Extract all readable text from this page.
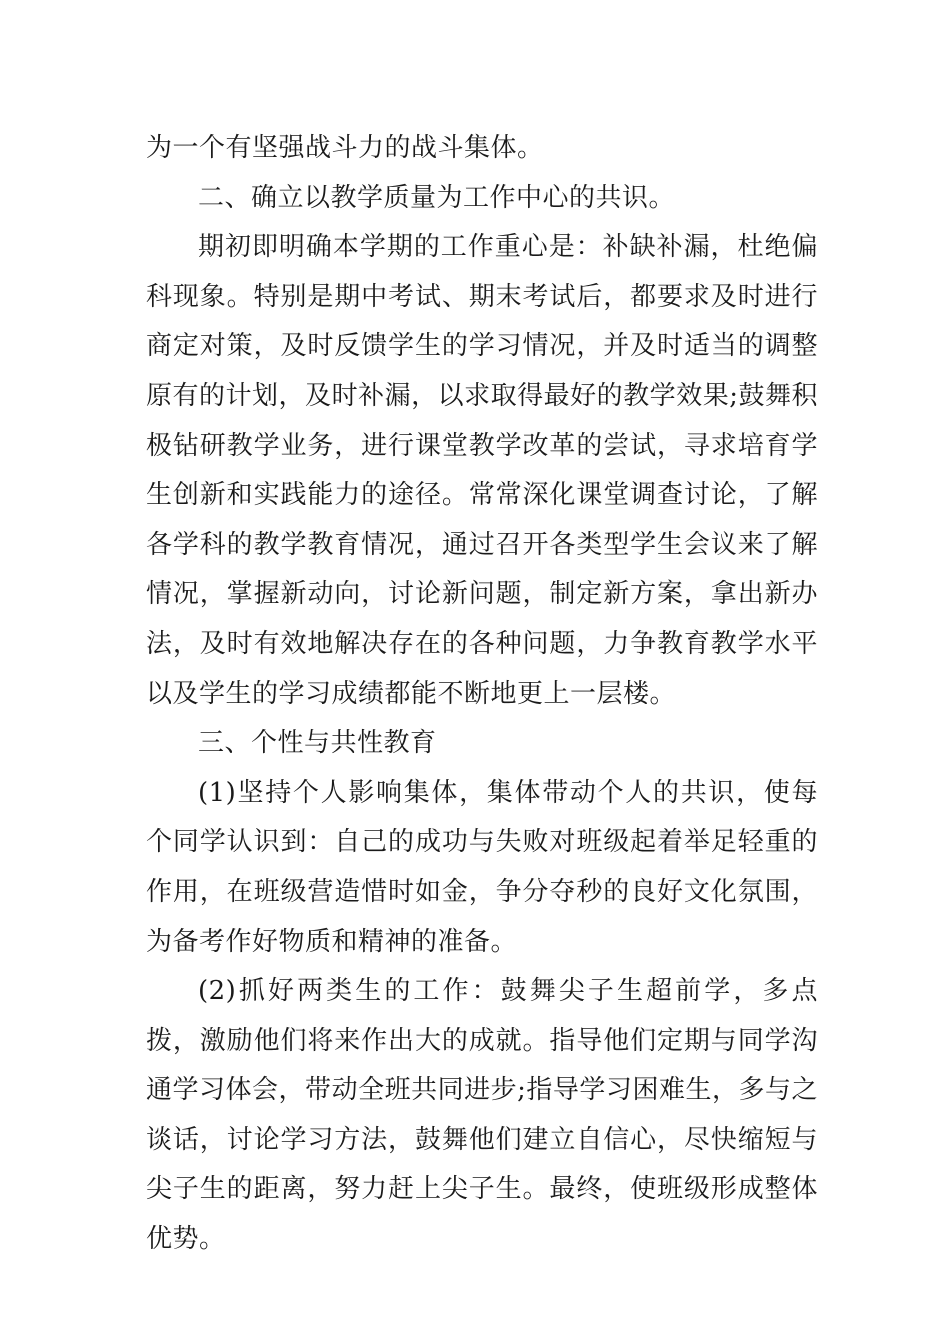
为一个有坚强战斗力的战斗集体。

二、确立以教学质量为工作中心的共识。

期初即明确本学期的工作重心是：补缺补漏，杜绝偏科现象。特别是期中考试、期末考试后，都要求及时进行商定对策，及时反馈学生的学习情况，并及时适当的调整原有的计划，及时补漏，以求取得最好的教学效果;鼓舞积极钻研教学业务，进行课堂教学改革的尝试，寻求培育学生创新和实践能力的途径。常常深化课堂调查讨论，了解各学科的教学教育情况，通过召开各类型学生会议来了解情况，掌握新动向，讨论新问题，制定新方案，拿出新办法，及时有效地解决存在的各种问题，力争教育教学水平以及学生的学习成绩都能不断地更上一层楼。

三、个性与共性教育

(1)坚持个人影响集体，集体带动个人的共识，使每个同学认识到：自己的成功与失败对班级起着举足轻重的作用，在班级营造惜时如金，争分夺秒的良好文化氛围，为备考作好物质和精神的准备。

(2)抓好两类生的工作：鼓舞尖子生超前学，多点拨，激励他们将来作出大的成就。指导他们定期与同学沟通学习体会，带动全班共同进步;指导学习困难生，多与之谈话，讨论学习方法，鼓舞他们建立自信心，尽快缩短与尖子生的距离，努力赶上尖子生。最终，使班级形成整体优势。
